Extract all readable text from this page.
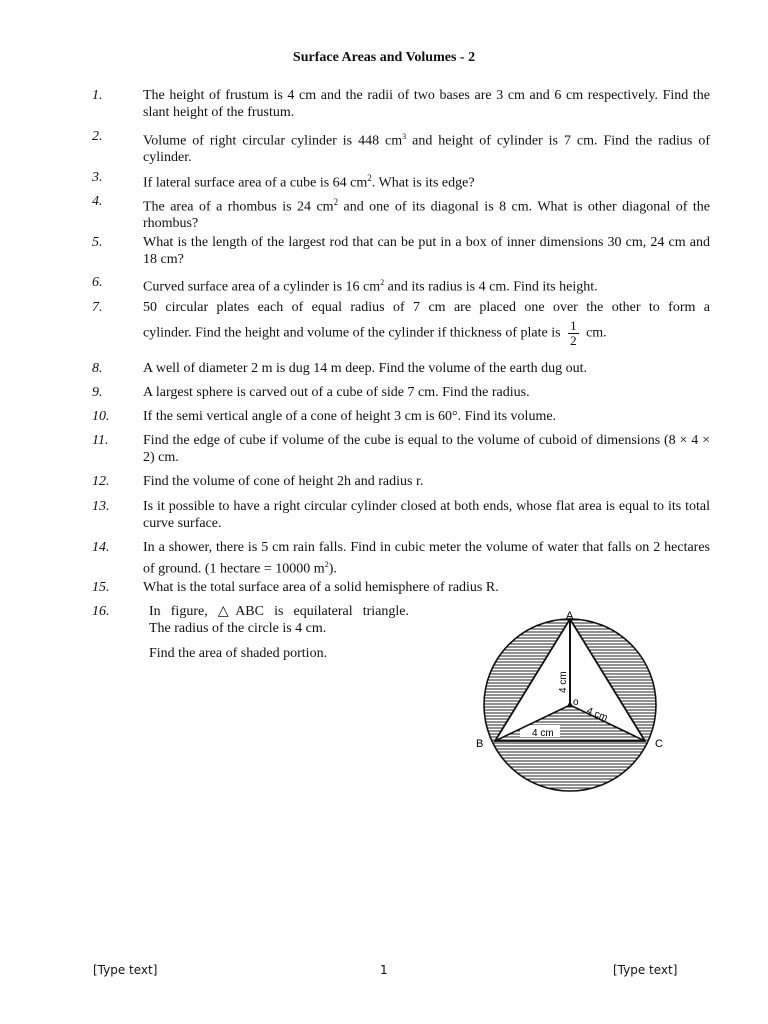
Surface Areas and Volumes - 2
1.	The height of frustum is 4 cm and the radii of two bases are 3 cm and 6 cm respectively. Find the slant height of the frustum.
2.	Volume of right circular cylinder is 448 $cm^3$ and height of cylinder is 7 cm. Find the radius of cylinder.
3.	If lateral surface area of a cube is 64 $cm^2$. What is its edge?
4.	The area of a rhombus is 24 $cm^2$ and one of its diagonal is 8 cm. What is other diagonal of the rhombus?
5.	What is the length of the largest rod that can be put in a box of inner dimensions 30 cm, 24 cm and 18 cm?
6.	Curved surface area of a cylinder is 16 $cm^2$ and its radius is 4 cm. Find its height.
7.	50 circular plates each of equal radius of 7 cm are placed one over the other to form a
cylinder. Find the height and volume of the cylinder if thickness of plate is $\frac{1}{2}$ cm.
8.	A well of diameter 2 m is dug 14 m deep. Find the volume of the earth dug out.
9.	A largest sphere is carved out of a cube of side 7 cm. Find the radius.
10. If the semi vertical angle of a cone of height 3 cm is 60°. Find its volume.
11. Find the edge of cube if volume of the cube is equal to the volume of cuboid of dimensions (8 × 4 × 2) cm.
12. Find the volume of cone of height 2h and radius r.
13. Is it possible to have a right circular cylinder closed at both ends, whose flat area is equal to its total curve surface.
14. In a shower, there is 5 cm rain falls. Find in cubic meter the volume of water that falls on 2 hectares of ground. (1 hectare = 10000 $m^2$).
15. What is the total surface area of a solid hemisphere of radius R.
16.	In figure, △ABC is equilateral triangle.
The radius of the circle is 4 cm.
Find the area of shaded portion.
A
B	C
o
4 cm
4 cm
4 cm
[Type text]	1	[Type text]
